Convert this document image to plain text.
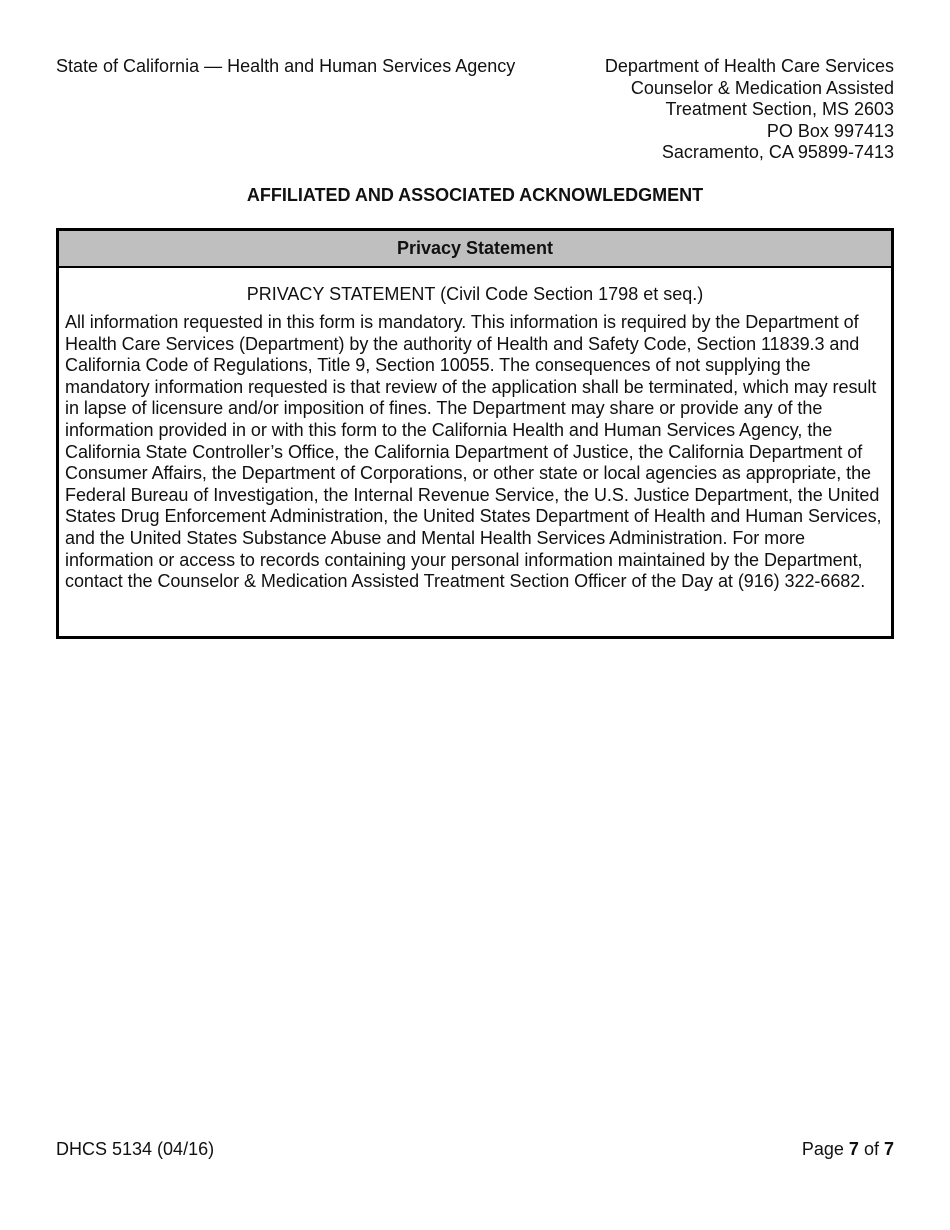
State of California — Health and Human Services Agency	Department of Health Care Services
Counselor & Medication Assisted
Treatment Section, MS 2603
PO Box 997413
Sacramento, CA 95899-7413
AFFILIATED AND ASSOCIATED ACKNOWLEDGMENT
Privacy Statement
PRIVACY STATEMENT (Civil Code Section 1798 et seq.)
All information requested in this form is mandatory. This information is required by the Department of Health Care Services (Department) by the authority of Health and Safety Code, Section 11839.3 and California Code of Regulations, Title 9, Section 10055. The consequences of not supplying the mandatory information requested is that review of the application shall be terminated, which may result in lapse of licensure and/or imposition of fines. The Department may share or provide any of the information provided in or with this form to the California Health and Human Services Agency, the California State Controller’s Office, the California Department of Justice, the California Department of Consumer Affairs, the Department of Corporations, or other state or local agencies as appropriate, the Federal Bureau of Investigation, the Internal Revenue Service, the U.S. Justice Department, the United States Drug Enforcement Administration, the United States Department of Health and Human Services, and the United States Substance Abuse and Mental Health Services Administration. For more information or access to records containing your personal information maintained by the Department, contact the Counselor & Medication Assisted Treatment Section Officer of the Day at (916) 322-6682.
DHCS 5134 (04/16)	Page 7 of 7
